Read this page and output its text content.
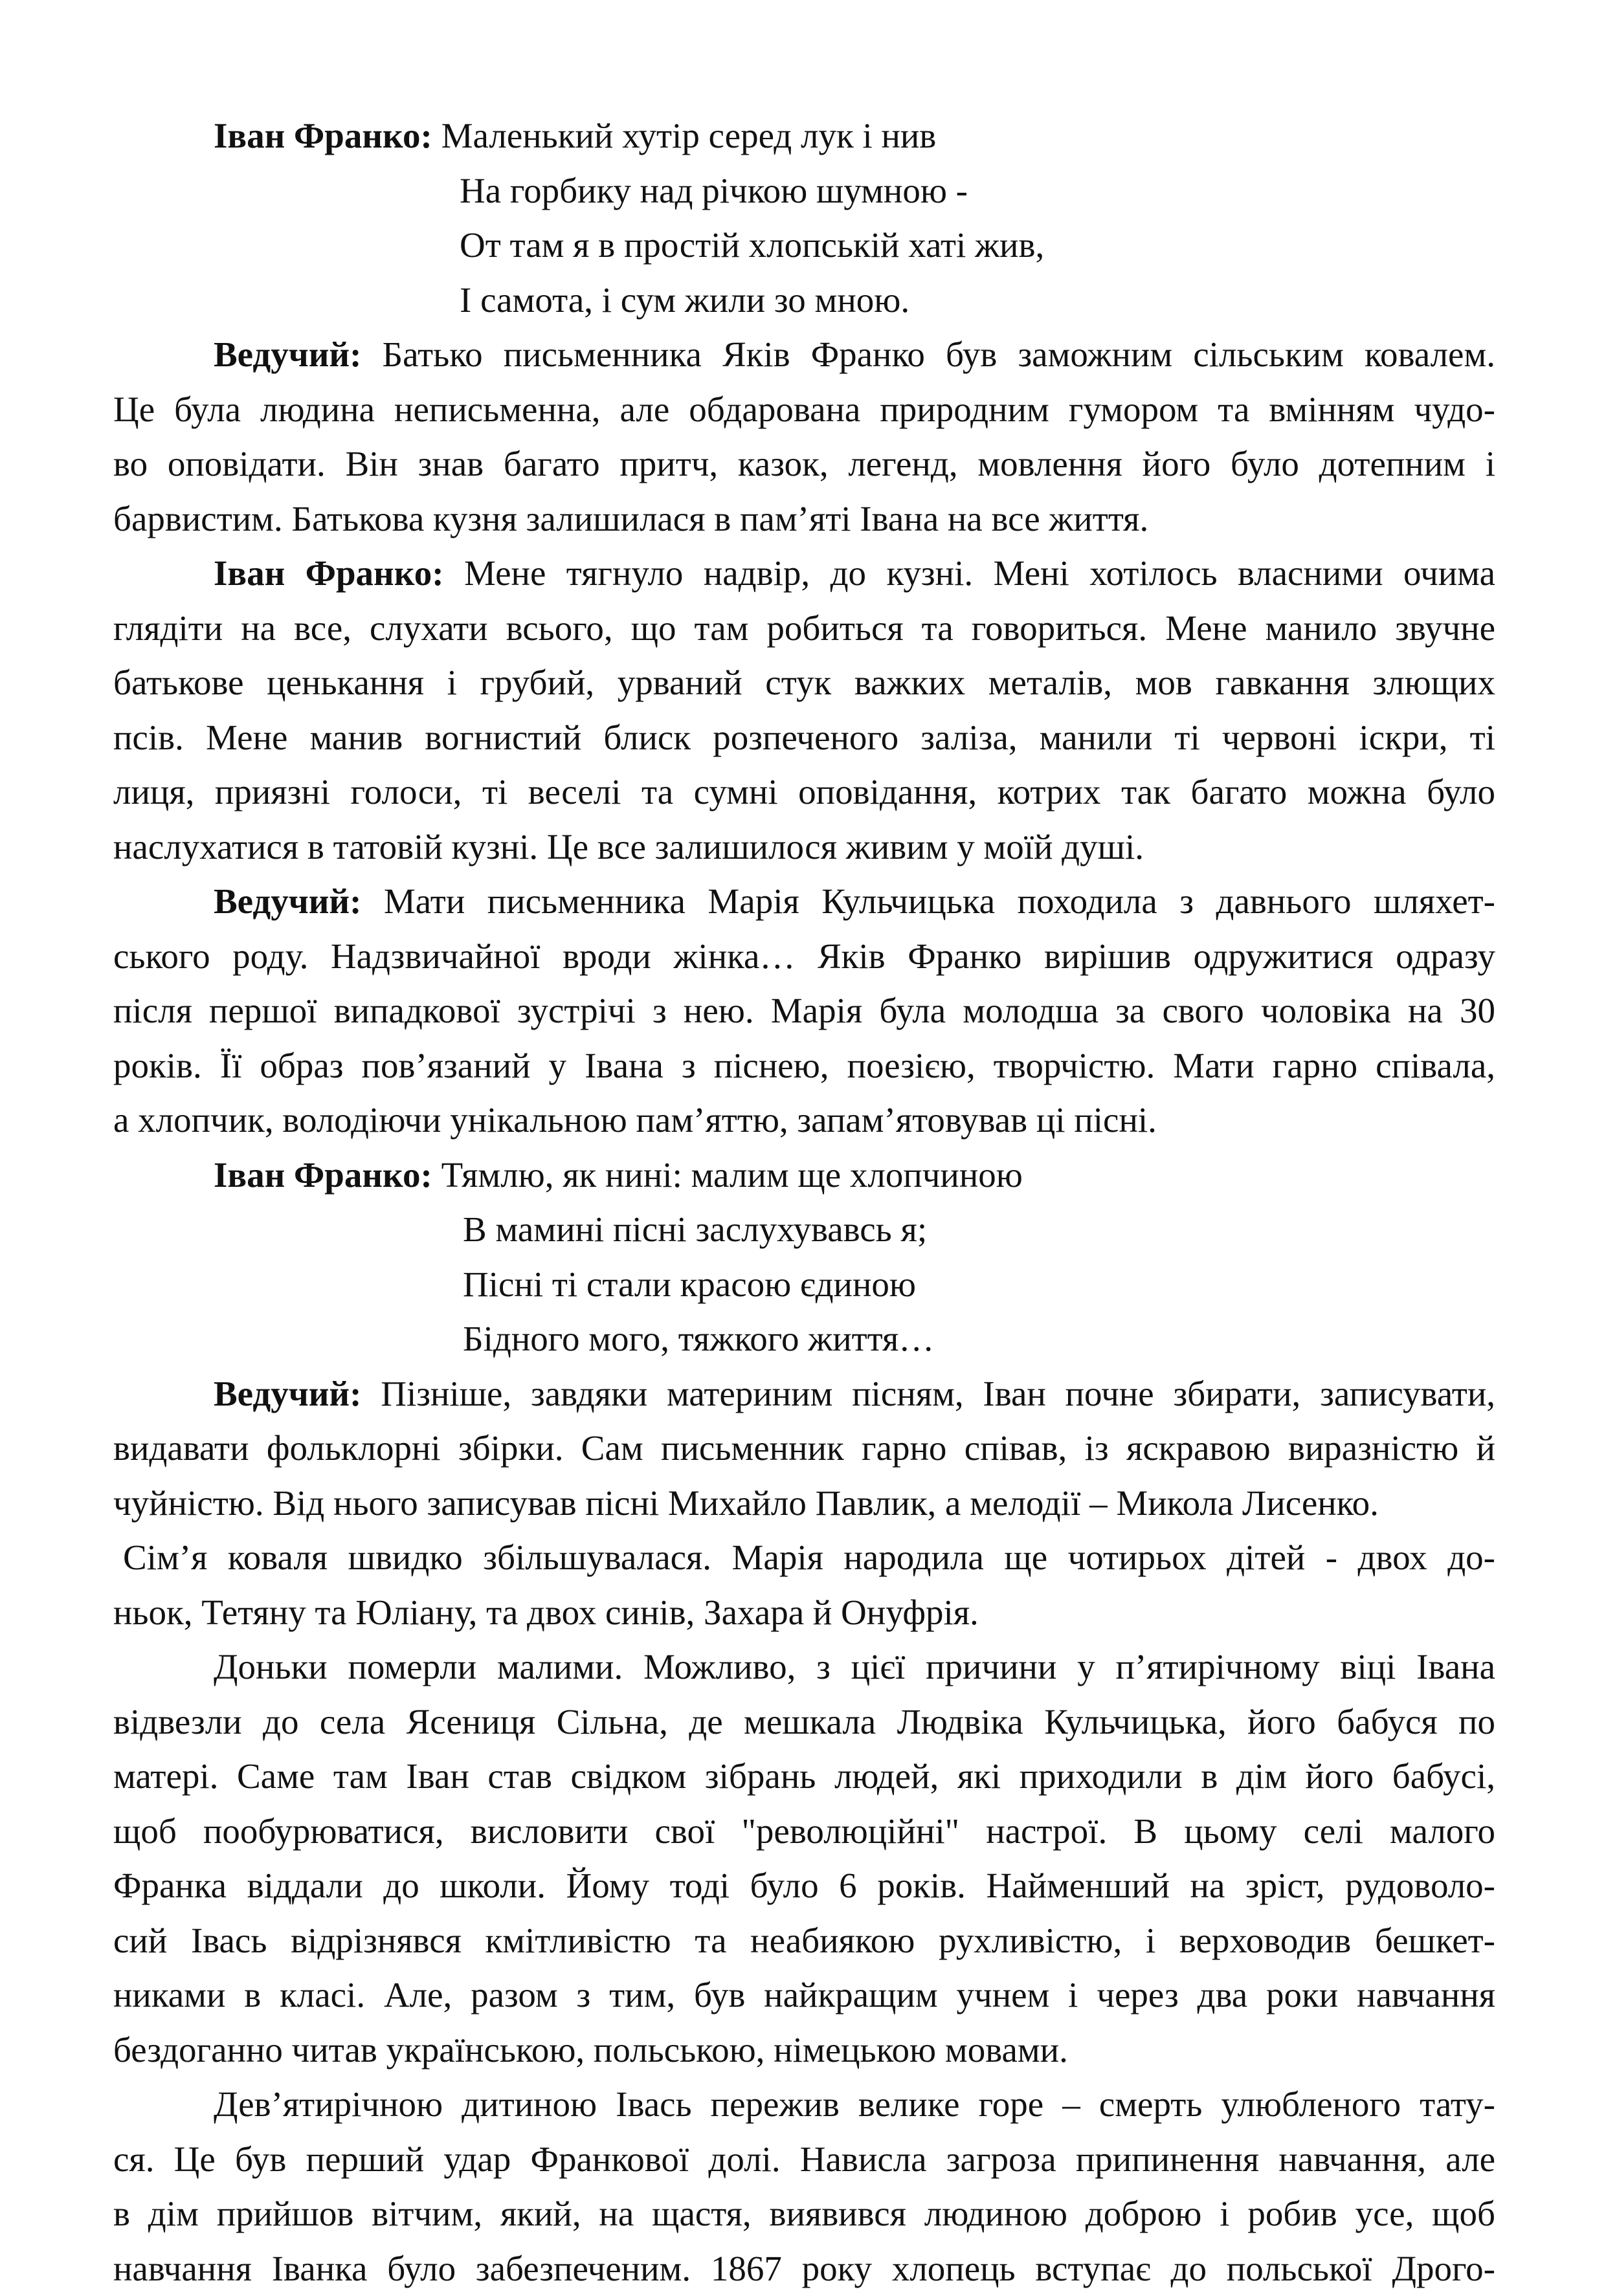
Іван Франко: Маленький хутір серед лук і нив
На горбику над річкою шумною -
От там я в простій хлопській хаті жив,
І самота, і сум жили зо мною.
Ведучий: Батько письменника Яків Франко був заможним сільським ковалем.
Це була людина неписьменна, але обдарована природним гумором та вмінням чудо-
во оповідати. Він знав багато притч, казок, легенд, мовлення його було дотепним і
барвистим. Батькова кузня залишилася в пам’яті Івана на все життя.
Іван Франко: Мене тягнуло надвір, до кузні. Мені хотілось власними очима
глядіти на все, слухати всього, що там робиться та говориться. Мене манило звучне
батькове ценькання і грубий, урваний стук важких металів, мов гавкання злющих
псів. Мене манив вогнистий блиск розпеченого заліза, манили ті червоні іскри, ті
лиця, приязні голоси, ті веселі та сумні оповідання, котрих так багато можна було
наслухатися в татовій кузні. Це все залишилося живим у моїй душі.
Ведучий: Мати письменника Марія Кульчицька походила з давнього шляхет-
ського роду. Надзвичайної вроди жінка… Яків Франко вирішив одружитися одразу
після першої випадкової зустрічі з нею. Марія була молодша за свого чоловіка на 30
років. Її образ пов’язаний у Івана з піснею, поезією, творчістю. Мати гарно співала,
а хлопчик, володіючи унікальною пам’яттю, запам’ятовував ці пісні.
Іван Франко: Тямлю, як нині: малим ще хлопчиною
В мамині пісні заслухувавсь я;
Пісні ті стали красою єдиною
Бідного мого, тяжкого життя…
Ведучий: Пізніше, завдяки материним пісням, Іван почне збирати, записувати,
видавати фольклорні збірки. Сам письменник гарно співав, із яскравою виразністю й
чуйністю. Від нього записував пісні Михайло Павлик, а мелодії – Микола Лисенко.
Сім’я коваля швидко збільшувалася. Марія народила ще чотирьох дітей - двох до-
ньок, Тетяну та Юліану, та двох синів, Захара й Онуфрія.
Доньки померли малими. Можливо, з цієї причини у п’ятирічному віці Івана
відвезли до села Ясениця Сільна, де мешкала Людвіка Кульчицька, його бабуся по
матері. Саме там Іван став свідком зібрань людей, які приходили в дім його бабусі,
щоб пообурюватися, висловити свої "революційні" настрої. В цьому селі малого
Франка віддали до школи. Йому тоді було 6 років. Найменший на зріст, рудоволо-
сий Івась відрізнявся кмітливістю та неабиякою рухливістю, і верховодив бешкет-
никами в класі. Але, разом з тим, був найкращим учнем і через два роки навчання
бездоганно читав українською, польською, німецькою мовами.
Дев’ятирічною дитиною Івась пережив велике горе – смерть улюбленого тату-
ся. Це був перший удар Франкової долі. Нависла загроза припинення навчання, але
в дім прийшов вітчим, який, на щастя, виявився людиною доброю і робив усе, щоб
навчання Іванка було забезпеченим. 1867 року хлопець вступає до польської Дрого-
